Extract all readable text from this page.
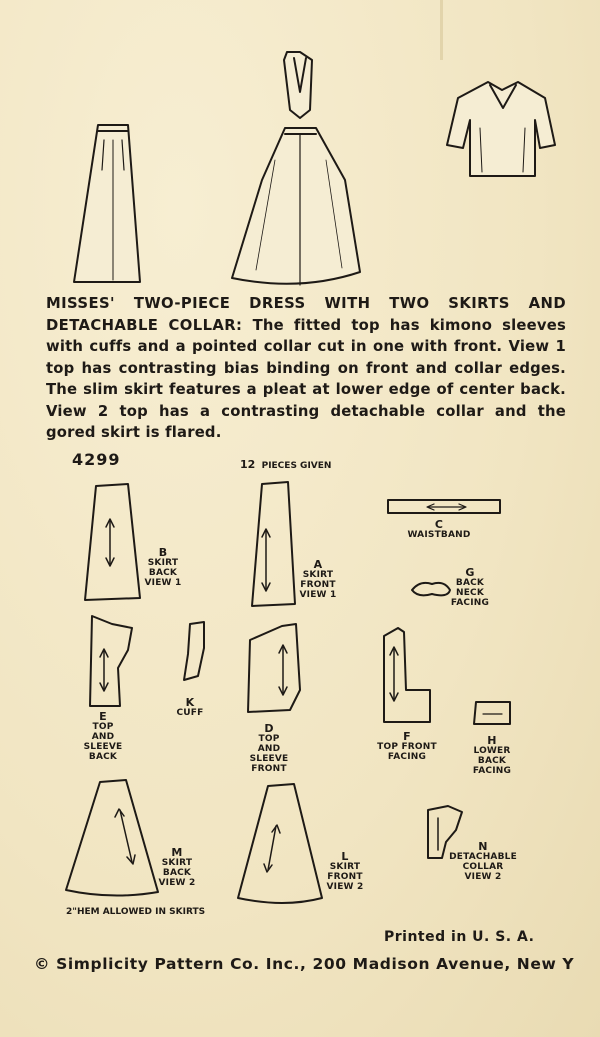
MISSES' TWO-PIECE DRESS WITH TWO SKIRTS AND DETACHABLE COLLAR: The fitted top has kimono sleeves with cuffs and a pointed collar cut in one with front. View 1 top has contrasting bias binding on front and collar edges. The slim skirt features a pleat at lower edge of center back. View 2 top has a contrasting detachable collar and the gored skirt is flared.
4299	12 PIECES GIVEN
B
SKIRT
BACK
VIEW 1
A
SKIRT
FRONT
VIEW 1
C
WAISTBAND
G
BACK
NECK
FACING
E
TOP
AND
SLEEVE
BACK
K
CUFF
D
TOP
AND
SLEEVE
FRONT
F
TOP FRONT
FACING
H
LOWER
BACK
FACING
M
SKIRT
BACK
VIEW 2
L
SKIRT
FRONT
VIEW 2
N
DETACHABLE
COLLAR
VIEW 2
2"HEM ALLOWED IN SKIRTS
Printed in U. S. A.
© Simplicity Pattern Co. Inc., 200 Madison Avenue, New Y
